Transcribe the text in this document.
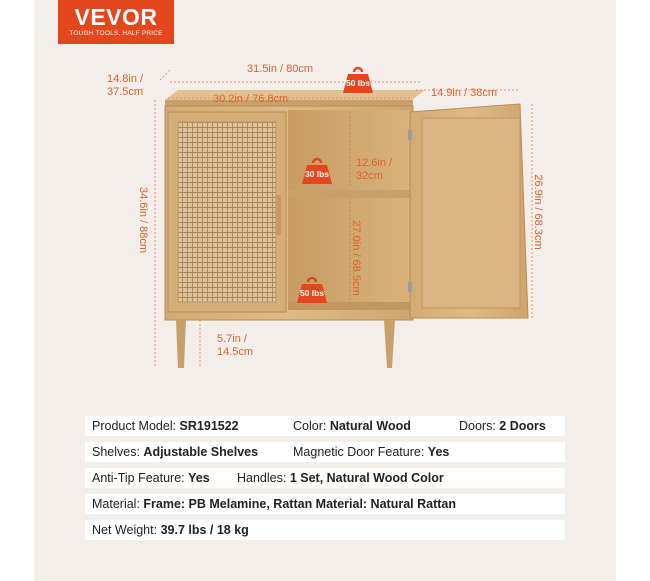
VEVOR
TOUGH TOOLS, HALF PRICE
14.8in /
37.5cm
31.5in / 80cm
30.2in / 76.8cm	14.9in / 38cm
12.6in /
32cm
5.7in /
14.5cm
34.6in / 88cm
27.0in / 68.5cm
26.9in / 68.3cm
50 lbs
30 lbs
50 lbs
Product Model: SR191522	Color: Natural Wood	Doors: 2 Doors
Shelves: Adjustable Shelves	Magnetic Door Feature: Yes
Anti-Tip Feature: Yes Handles: 1 Set, Natural Wood Color
Material: Frame: PB Melamine, Rattan Material: Natural Rattan
Net Weight: 39.7 lbs / 18 kg
